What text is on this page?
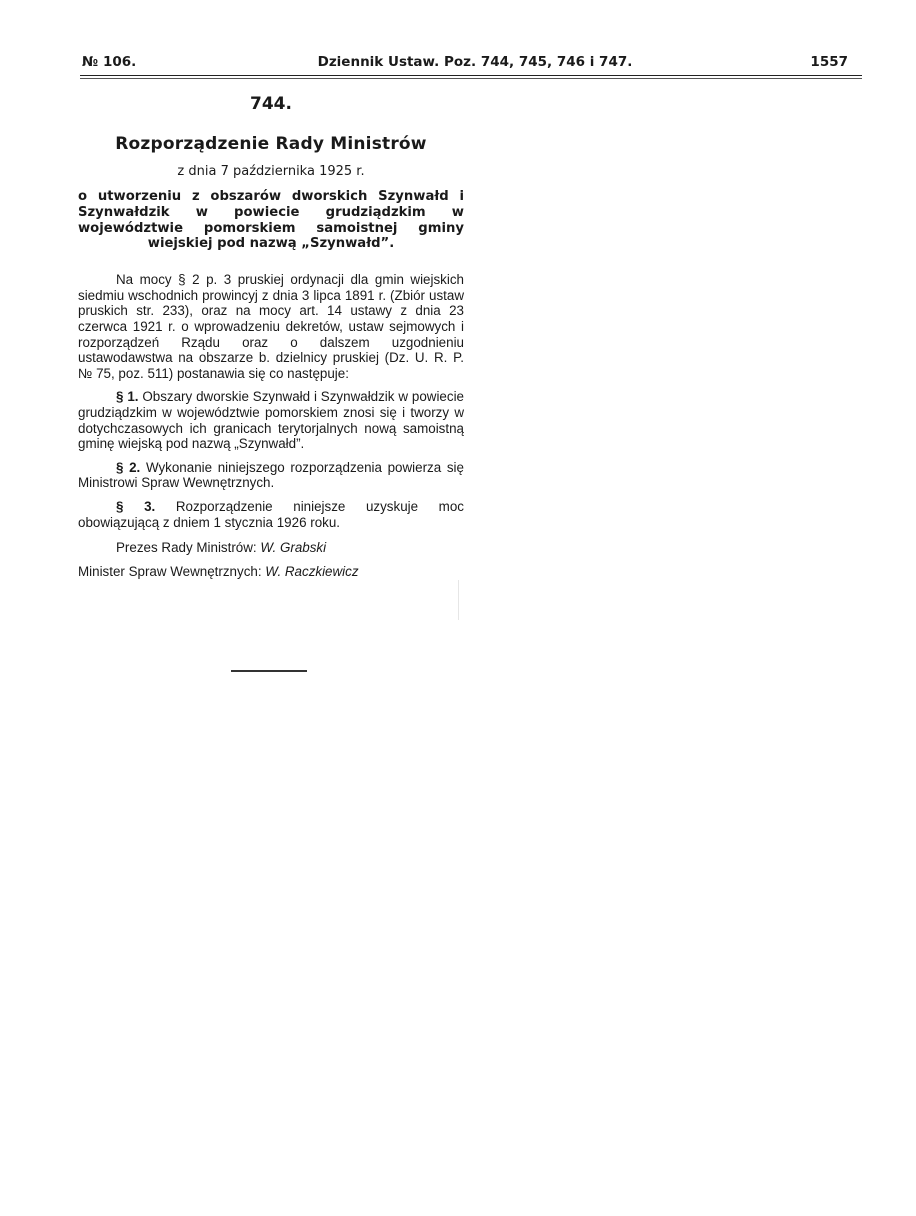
№ 106.	Dziennik Ustaw. Poz. 744, 745, 746 i 747.	1557
744.
Rozporządzenie Rady Ministrów
z dnia 7 października 1925 r.
o utworzeniu z obszarów dworskich Szynwałd i Szynwałdzik w powiecie grudziądzkim w województwie pomorskiem samoistnej gminy wiejskiej pod nazwą „Szynwałd”.

Na mocy § 2 p. 3 pruskiej ordynacji dla gmin wiejskich siedmiu wschodnich prowincyj z dnia 3 lipca 1891 r. (Zbiór ustaw pruskich str. 233), oraz na mocy art. 14 ustawy z dnia 23 czerwca 1921 r. o wprowadzeniu dekretów, ustaw sejmowych i rozporządzeń Rządu oraz o dalszem uzgodnieniu ustawodawstwa na obszarze b. dzielnicy pruskiej (Dz. U. R. P. № 75, poz. 511) postanawia się co następuje:

§ 1. Obszary dworskie Szynwałd i Szynwałdzik w powiecie grudziądzkim w województwie pomorskiem znosi się i tworzy w dotychczasowych ich granicach terytorjalnych nową samoistną gminę wiejską pod nazwą „Szynwałd”.

§ 2. Wykonanie niniejszego rozporządzenia powierza się Ministrowi Spraw Wewnętrznych.

§ 3. Rozporządzenie niniejsze uzyskuje moc obowiązującą z dniem 1 stycznia 1926 roku.

Prezes Rady Ministrów: W. Grabski
Minister Spraw Wewnętrznych: W. Raczkiewicz
